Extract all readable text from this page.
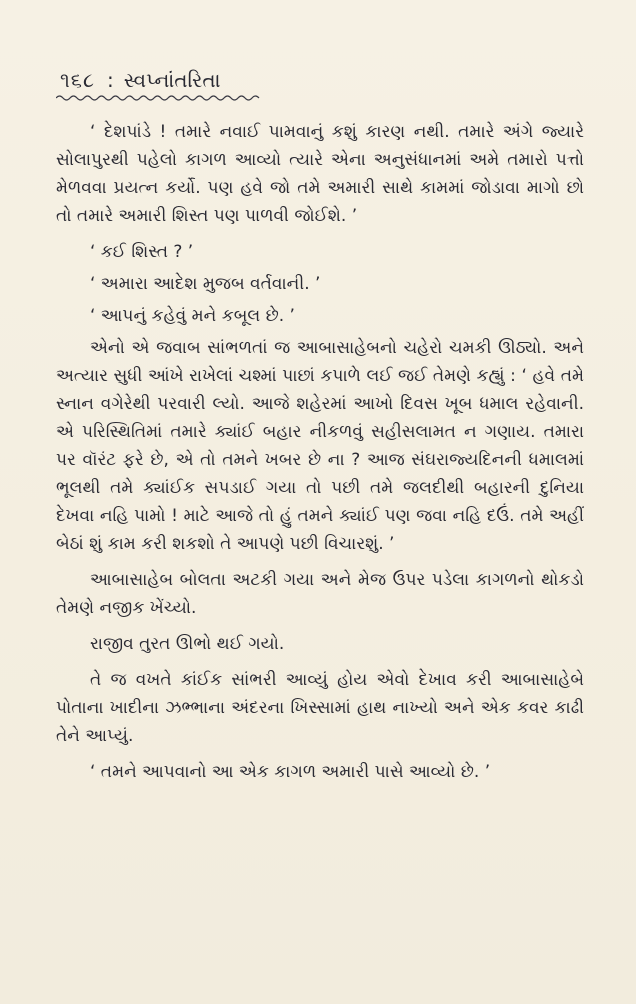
૧૬૮ : સ્વપ્નાંતરિતા

‘ દેશપાંડે ! તમારે નવાઈ પામવાનું કશું કારણ નથી. તમારે અંગે જ્યારે સોલાપુરથી પહેલો કાગળ આવ્યો ત્યારે એના અનુસંધાનમાં અમે તમારો પત્તો મેળવવા પ્રયત્ન કર્યો. પણ હવે જો તમે અમારી સાથે કામમાં જોડાવા માગો છો તો તમારે અમારી શિસ્ત પણ પાળવી જોઈશે. ’

‘ કઈ શિસ્ત ? ’

‘ અમારા આદેશ મુજબ વર્તવાની. ’

‘ આપનું કહેવું મને કબૂલ છે. ’

એનો એ જવાબ સાંભળતાં જ આબાસાહેબનો ચહેરો ચમકી ઊઠ્યો. અને અત્યાર સુધી આંખે રાખેલાં ચશ્માં પાછાં કપાળે લઈ જઈ તેમણે કહ્યું : ‘ હવે તમે સ્નાન વગેરેથી પરવારી લ્યો. આજે શહેરમાં આખો દિવસ ખૂબ ધમાલ રહેવાની. એ પરિસ્થિતિમાં તમારે ક્યાંઈ બહાર નીકળવું સહીસલામત ન ગણાય. તમારા પર વૉરંટ ફરે છે, એ તો તમને ખબર છે ના ? આજ સંઘરાજ્યદિનની ધમાલમાં ભૂલથી તમે ક્યાંઈક સપડાઈ ગયા તો પછી તમે જલદીથી બહારની દુનિયા દેખવા નહિ પામો ! માટે આજે તો હું તમને ક્યાંઈ પણ જવા નહિ દઉં. તમે અહીં બેઠાં શું કામ કરી શકશો તે આપણે પછી વિચારશું. ’

આબાસાહેબ બોલતા અટકી ગયા અને મેજ ઉપર પડેલા કાગળનો થોકડો તેમણે નજીક ખેંચ્યો.

રાજીવ તુરત ઊભો થઈ ગયો.

તે જ વખતે કાંઈક સાંભરી આવ્યું હોય એવો દેખાવ કરી આબાસાહેબે પોતાના ખાદીના ઝભ્ભાના અંદરના ખિસ્સામાં હાથ નાખ્યો અને એક કવર કાઢી તેને આપ્યું.

‘ તમને આપવાનો આ એક કાગળ અમારી પાસે આવ્યો છે. ’
